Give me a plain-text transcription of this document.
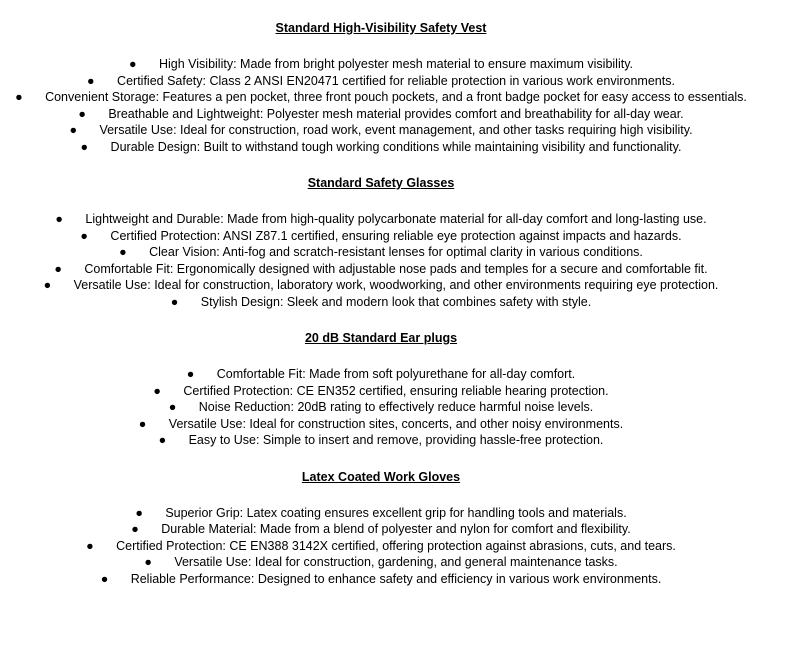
Standard High-Visibility Safety Vest
● High Visibility: Made from bright polyester mesh material to ensure maximum visibility.
● Certified Safety: Class 2 ANSI EN20471 certified for reliable protection in various work environments.
● Convenient Storage: Features a pen pocket, three front pouch pockets, and a front badge pocket for easy access to essentials.
● Breathable and Lightweight: Polyester mesh material provides comfort and breathability for all-day wear.
● Versatile Use: Ideal for construction, road work, event management, and other tasks requiring high visibility.
● Durable Design: Built to withstand tough working conditions while maintaining visibility and functionality.
Standard Safety Glasses
● Lightweight and Durable: Made from high-quality polycarbonate material for all-day comfort and long-lasting use.
● Certified Protection: ANSI Z87.1 certified, ensuring reliable eye protection against impacts and hazards.
● Clear Vision: Anti-fog and scratch-resistant lenses for optimal clarity in various conditions.
● Comfortable Fit: Ergonomically designed with adjustable nose pads and temples for a secure and comfortable fit.
● Versatile Use: Ideal for construction, laboratory work, woodworking, and other environments requiring eye protection.
● Stylish Design: Sleek and modern look that combines safety with style.
20 dB Standard Ear plugs
● Comfortable Fit: Made from soft polyurethane for all-day comfort.
● Certified Protection: CE EN352 certified, ensuring reliable hearing protection.
● Noise Reduction: 20dB rating to effectively reduce harmful noise levels.
● Versatile Use: Ideal for construction sites, concerts, and other noisy environments.
● Easy to Use: Simple to insert and remove, providing hassle-free protection.
Latex Coated Work Gloves
● Superior Grip: Latex coating ensures excellent grip for handling tools and materials.
● Durable Material: Made from a blend of polyester and nylon for comfort and flexibility.
● Certified Protection: CE EN388 3142X certified, offering protection against abrasions, cuts, and tears.
● Versatile Use: Ideal for construction, gardening, and general maintenance tasks.
● Reliable Performance: Designed to enhance safety and efficiency in various work environments.
